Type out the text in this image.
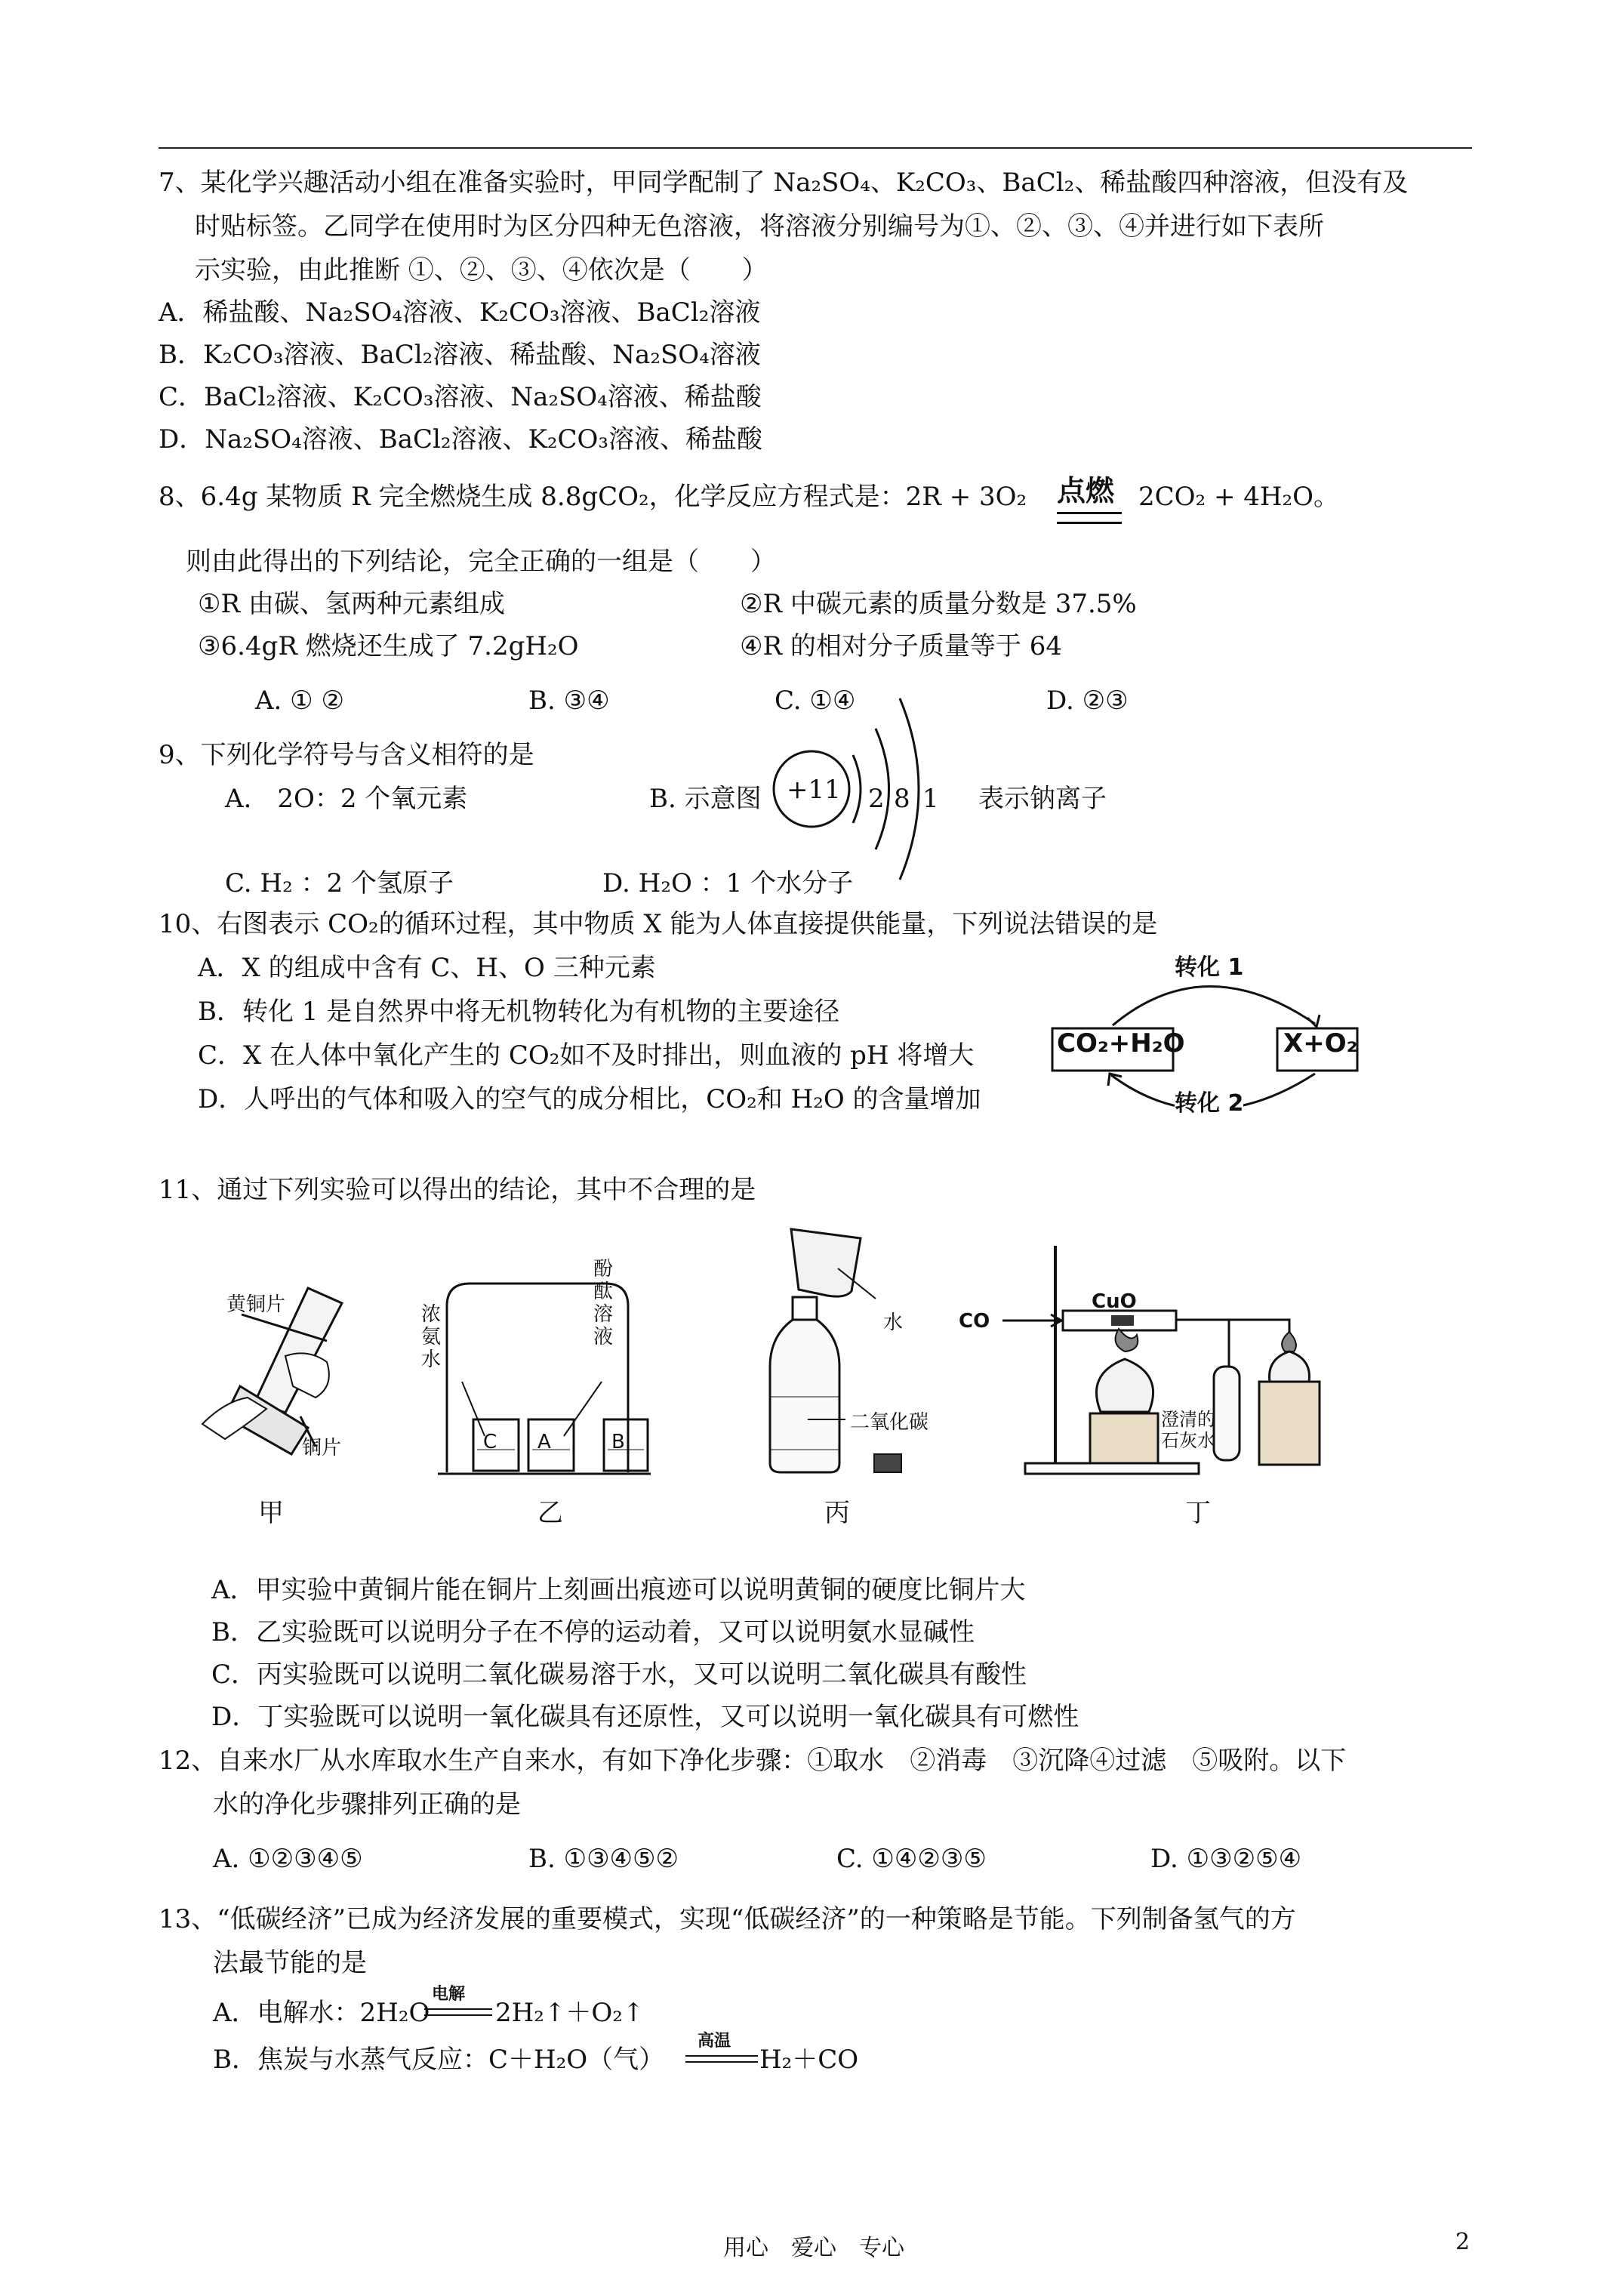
7、某化学兴趣活动小组在准备实验时，甲同学配制了 Na₂SO₄、K₂CO₃、BaCl₂、稀盐酸四种溶液，但没有及
时贴标签。乙同学在使用时为区分四种无色溶液，将溶液分别编号为①、②、③、④并进行如下表所
示实验，由此推断 ①、②、③、④依次是（　　）
A．稀盐酸、Na₂SO₄溶液、K₂CO₃溶液、BaCl₂溶液
B．K₂CO₃溶液、BaCl₂溶液、稀盐酸、Na₂SO₄溶液
C．BaCl₂溶液、K₂CO₃溶液、Na₂SO₄溶液、稀盐酸
D．Na₂SO₄溶液、BaCl₂溶液、K₂CO₃溶液、稀盐酸
8、6.4g 某物质 R 完全燃烧生成 8.8gCO₂，化学反应方程式是：2R + 3O₂ 点燃 2CO₂ + 4H₂O。
则由此得出的下列结论，完全正确的一组是（　　）
①R 由碳、氢两种元素组成	②R 中碳元素的质量分数是 37.5%
③6.4gR 燃烧还生成了 7.2gH₂O	④R 的相对分子质量等于 64
A. ① ②	B. ③④	C. ①④	D. ②③
9、下列化学符号与含义相符的是
A.　2O：2 个氧元素	B. 示意图 +11 2 8 1 表示钠离子
C. H₂ ：2 个氢原子	D. H₂O ：1 个水分子
10、右图表示 CO₂的循环过程，其中物质 X 能为人体直接提供能量，下列说法错误的是
A．X 的组成中含有 C、H、O 三种元素
B．转化 1 是自然界中将无机物转化为有机物的主要途径
C．X 在人体中氧化产生的 CO₂如不及时排出，则血液的 pH 将增大
D．人呼出的气体和吸入的空气的成分相比，CO₂和 H₂O 的含量增加
CO₂+H₂O	X+O₂
转化 1
转化 2
11、通过下列实验可以得出的结论，其中不合理的是
黄铜片
铜片
甲
浓氨水
酚酞溶液
C A	B
乙
水
二氧化碳
丙
CO
CuO
澄清的石灰水
丁
A．甲实验中黄铜片能在铜片上刻画出痕迹可以说明黄铜的硬度比铜片大
B．乙实验既可以说明分子在不停的运动着，又可以说明氨水显碱性
C．丙实验既可以说明二氧化碳易溶于水，又可以说明二氧化碳具有酸性
D．丁实验既可以说明一氧化碳具有还原性，又可以说明一氧化碳具有可燃性
12、自来水厂从水库取水生产自来水，有如下净化步骤：①取水　②消毒　③沉降④过滤　⑤吸附。以下
水的净化步骤排列正确的是
A. ①②③④⑤	B. ①③④⑤②	C. ①④②③⑤	D. ①③②⑤④
13、“低碳经济”已成为经济发展的重要模式，实现“低碳经济”的一种策略是节能。下列制备氢气的方
法最节能的是
A．电解水：2H₂O
电解
2H₂↑＋O₂↑
B．焦炭与水蒸气反应：C＋H₂O（气）
高温
H₂＋CO
用心　爱心　专心	2
